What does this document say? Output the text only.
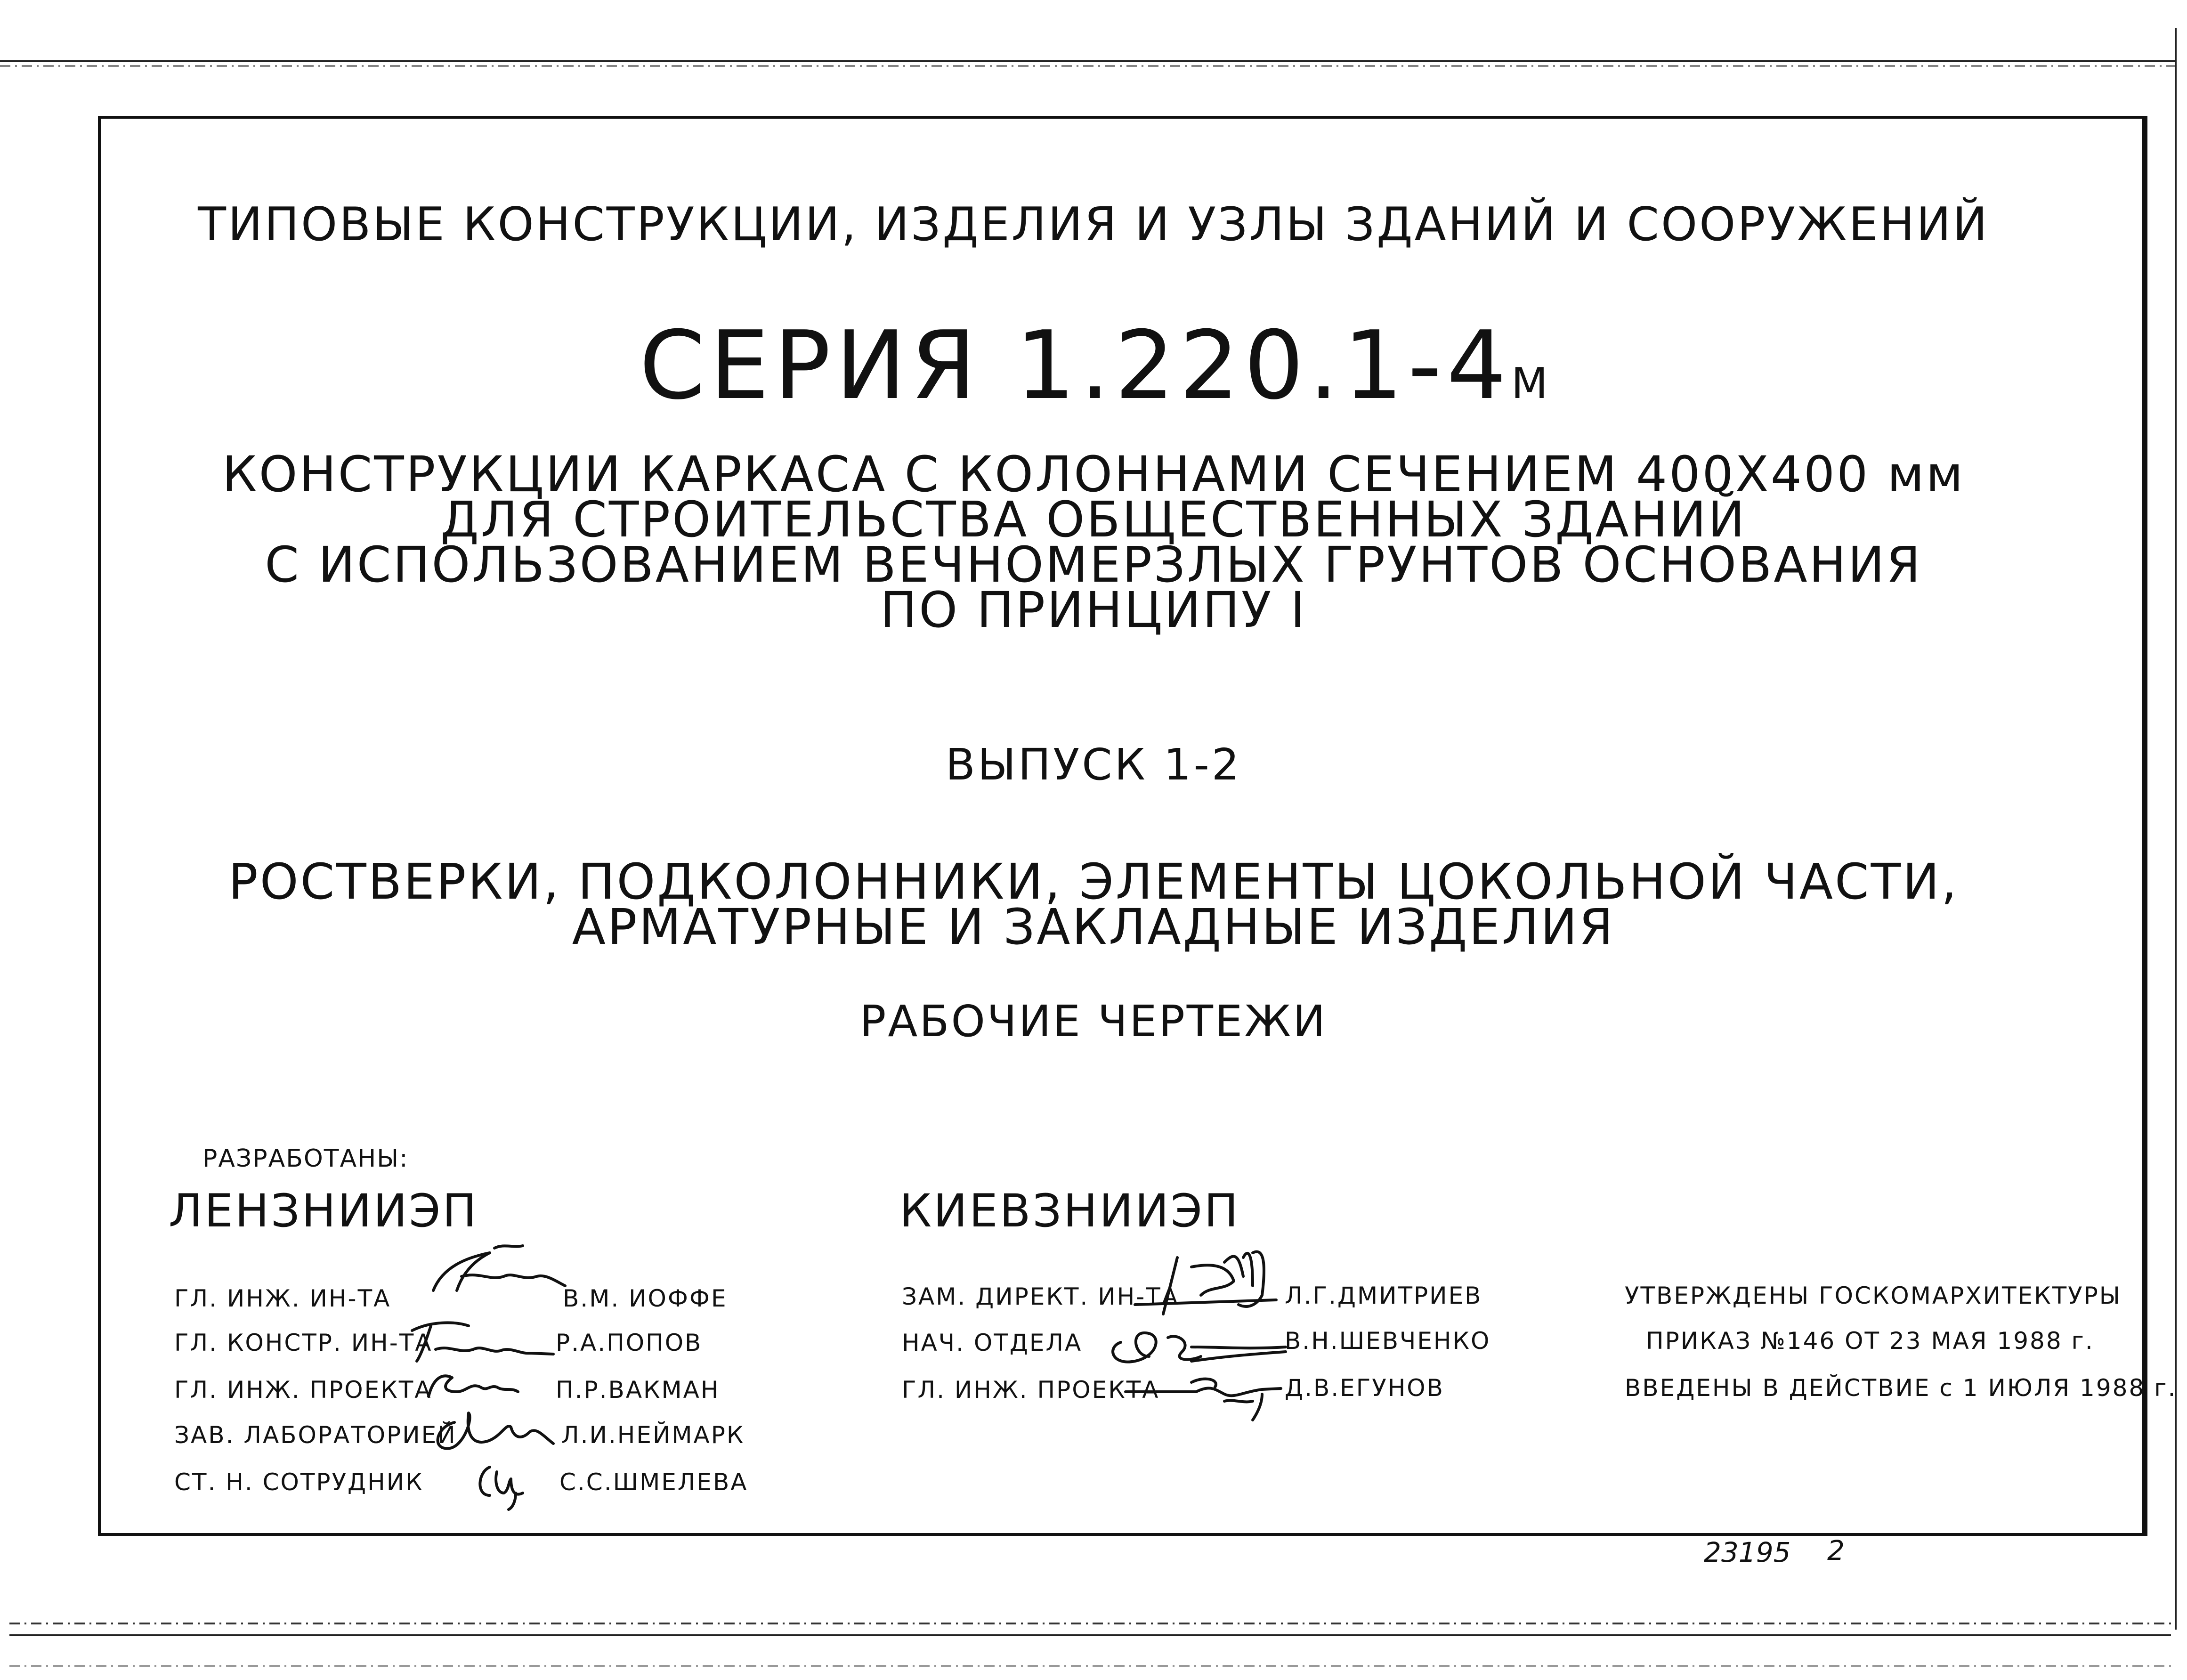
ТИПОВЫЕ КОНСТРУКЦИИ, ИЗДЕЛИЯ И УЗЛЫ ЗДАНИЙ И СООРУЖЕНИЙ
СЕРИЯ 1.220.1-4М
КОНСТРУКЦИИ КАРКАСА С КОЛОННАМИ СЕЧЕНИЕМ 400Х400 мм
ДЛЯ СТРОИТЕЛЬСТВА ОБЩЕСТВЕННЫХ ЗДАНИЙ
С ИСПОЛЬЗОВАНИЕМ ВЕЧНОМЕРЗЛЫХ ГРУНТОВ ОСНОВАНИЯ
ПО ПРИНЦИПУ I
ВЫПУСК 1-2
РОСТВЕРКИ, ПОДКОЛОННИКИ, ЭЛЕМЕНТЫ ЦОКОЛЬНОЙ ЧАСТИ,
АРМАТУРНЫЕ И ЗАКЛАДНЫЕ ИЗДЕЛИЯ
РАБОЧИЕ ЧЕРТЕЖИ
РАЗРАБОТАНЫ:
ЛЕНЗНИИЭП	КИЕВЗНИИЭП
ГЛ. ИНЖ. ИН-ТА	В.М. ИОФФЕ
ГЛ. КОНСТР. ИН-ТА	Р.А.ПОПОВ
ГЛ. ИНЖ. ПРОЕКТА	П.Р.ВАКМАН
ЗАВ. ЛАБОРАТОРИЕЙ	Л.И.НЕЙМАРК
СТ. Н. СОТРУДНИК	С.С.ШМЕЛЕВА
ЗАМ. ДИРЕКТ. ИН-ТА	Л.Г.ДМИТРИЕВ
НАЧ. ОТДЕЛА	В.Н.ШЕВЧЕНКО
ГЛ. ИНЖ. ПРОЕКТА	Д.В.ЕГУНОВ
УТВЕРЖДЕНЫ ГОСКОМАРХИТЕКТУРЫ
ПРИКАЗ №146 ОТ 23 МАЯ 1988 г.
ВВЕДЕНЫ В ДЕЙСТВИЕ с 1 ИЮЛЯ 1988 г.
23195 2
